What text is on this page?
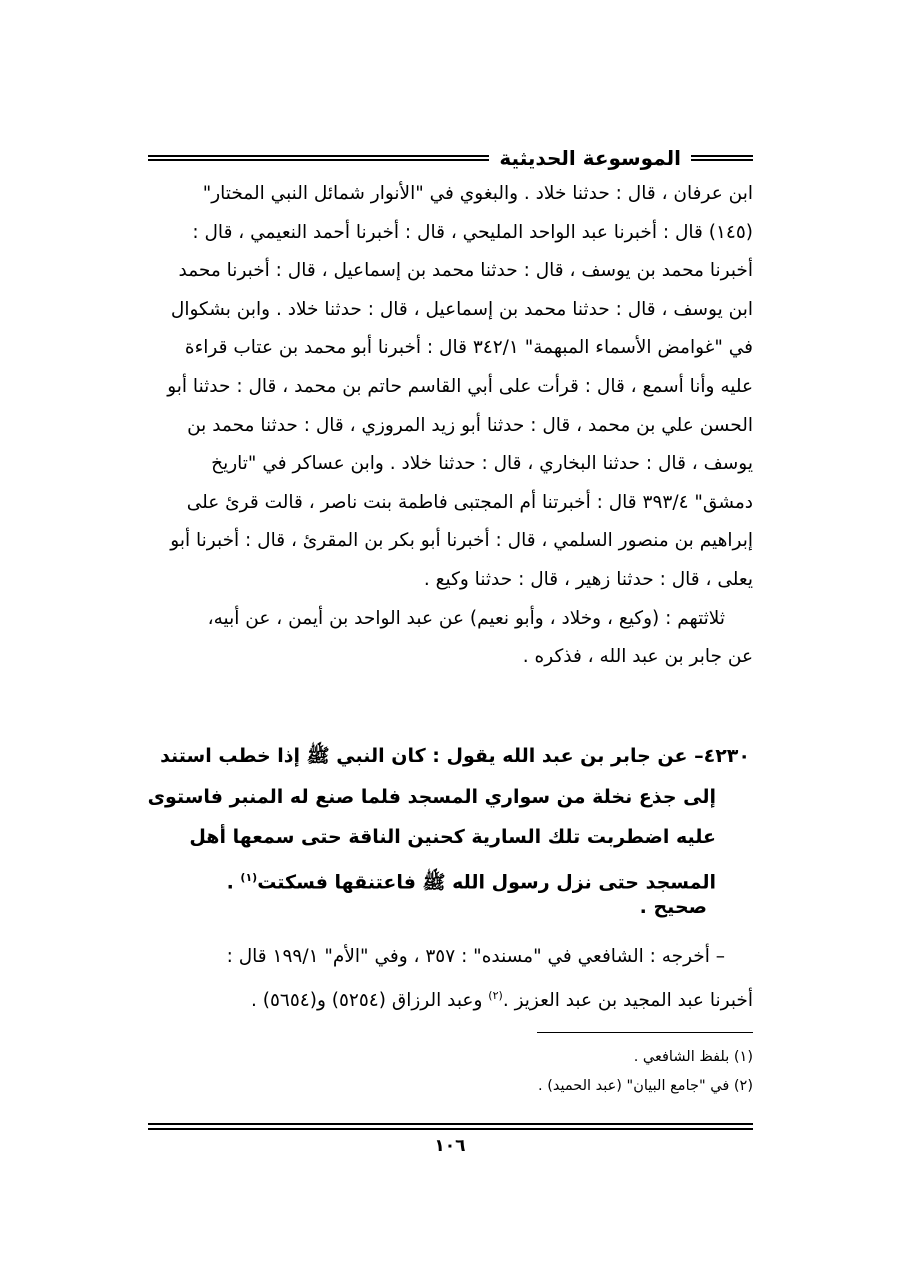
الموسوعة الحديثية
ابن عرفان ، قال : حدثنا خلاد . والبغوي في "الأنوار شمائل النبي المختار"
(١٤٥) قال : أخبرنا عبد الواحد المليحي ، قال : أخبرنا أحمد النعيمي ، قال :
أخبرنا محمد بن يوسف ، قال : حدثنا محمد بن إسماعيل ، قال : أخبرنا محمد
ابن يوسف ، قال : حدثنا محمد بن إسماعيل ، قال : حدثنا خلاد . وابن بشكوال
في "غوامض الأسماء المبهمة" ٣٤٢/١ قال : أخبرنا أبو محمد بن عتاب قراءة
عليه وأنا أسمع ، قال : قرأت على أبي القاسم حاتم بن محمد ، قال : حدثنا أبو
الحسن علي بن محمد ، قال : حدثنا أبو زيد المروزي ، قال : حدثنا محمد بن
يوسف ، قال : حدثنا البخاري ، قال : حدثنا خلاد . وابن عساكر في "تاريخ
دمشق" ٣٩٣/٤ قال : أخبرتنا أم المجتبى فاطمة بنت ناصر ، قالت قرئ على
إبراهيم بن منصور السلمي ، قال : أخبرنا أبو بكر بن المقرئ ، قال : أخبرنا أبو
يعلى ، قال : حدثنا زهير ، قال : حدثنا وكيع .
ثلاثتهم : (وكيع ، وخلاد ، وأبو نعيم) عن عبد الواحد بن أيمن ، عن أبيه،
عن جابر بن عبد الله ، فذكره .
٤٢٣٠– عن جابر بن عبد الله يقول : كان النبي ﷺ إذا خطب استند
إلى جذع نخلة من سواري المسجد فلما صنع له المنبر فاستوى
عليه اضطربت تلك السارية كحنين الناقة حتى سمعها أهل
المسجد حتى نزل رسول الله ﷺ فاعتنقها فسكتت$^{(١)}$ .
صحيح .
– أخرجه : الشافعي في "مسنده" : ٣٥٧ ، وفي "الأم" ١٩٩/١ قال :
أخبرنا عبد المجيد بن عبد العزيز .$^{(٢)}$ وعبد الرزاق (٥٢٥٤) و(٥٦٥٤) .
(١) بلفظ الشافعي .
(٢) في "جامع البيان" (عبد الحميد) .
١٠٦
